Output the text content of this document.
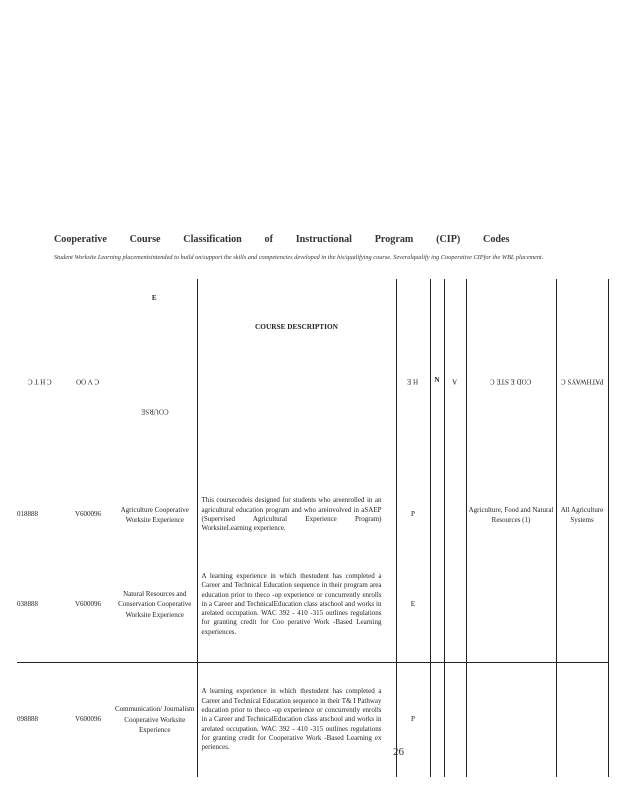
Cooperative Course Classification of Instructional Program (CIP) Codes
Student Worksite Learning placementsintended to build on/support the skills and competencies developed in the his/qualifying course. Severalqualify ing Cooperative CIPfor the WBL placement.
C H T C	C V OO	E
COURSE	COURSE DESCRIPTION	H E	N	A	COD E STE C	PATHWAYS C
018888	V600096	Agriculture Cooperative Worksite Experience	This coursecodeis designed for students who areenrolled in an agricultural education program and who areinvolved in aSAEP (Supervised Agricultural Experience Program) WorksiteLearning experience.	P			Agriculture, Food and Natural Resources (1)	All Agriculture Systems
038888	V600096	Natural Resources and Conservation Cooperative Worksite Experience	A learning experience in which thestudent has completed a Career and Technical Education sequence in their program area education prior to theco -op experience or concurrently enrolls in a Career and TechnicalEducation class atschool and works in arelated occupation. WAC 392 - 410 -315 outlines regulations for granting credit for Coo perative Work -Based Learning experiences.	E				
098888	V600096	Communication/ Journalism Cooperative Worksite Experience	A learning experience in which thestudent has completed a Career and Technical Education sequence in their T& I Pathway education prior to theco -op experience or concurrently enrolls in a Career and TechnicalEducation class atschool and works in arelated occupation. WAC 392 - 410 -315 outlines regulations for granting credit for Cooperative Work -Based Learning ex periences.	P				
26
